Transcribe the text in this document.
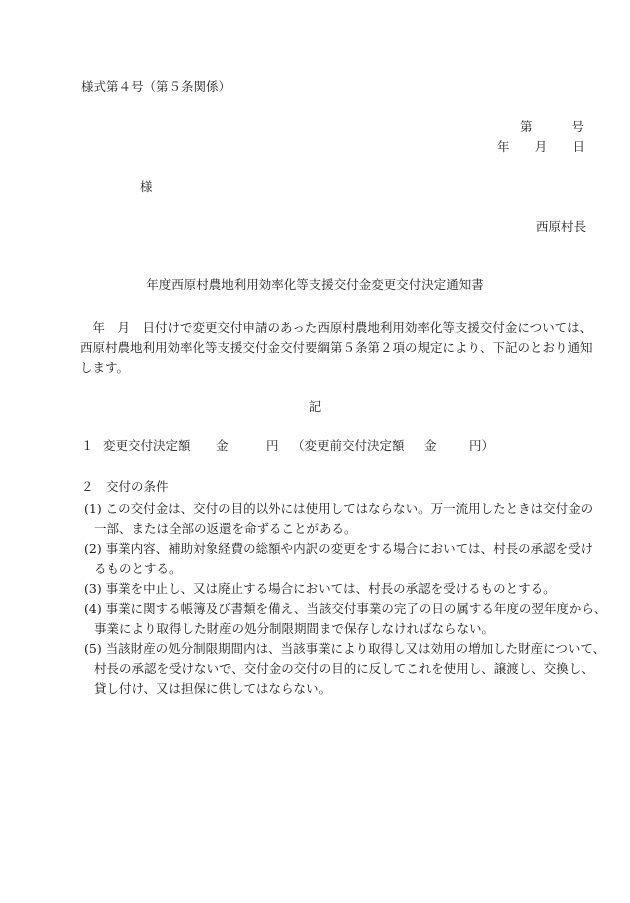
様式第４号（第５条関係）
第	号
年 月 日
様
西原村長
年度西原村農地利用効率化等支援交付金変更交付決定通知書
　年　月　日付けで変更交付申請のあった西原村農地利用効率化等支援交付金については、
西原村農地利用効率化等支援交付金交付要綱第５条第２項の規定により、下記のとおり通知
します。
記
１ 変更交付決定額	金	円	（変更前交付決定額	金	円）
２　交付の条件
(1) この交付金は、交付の目的以外には使用してはならない。万一流用したときは交付金の
一部、または全部の返還を命ずることがある。
(2) 事業内容、補助対象経費の総額や内訳の変更をする場合においては、村長の承認を受け
るものとする。
(3) 事業を中止し、又は廃止する場合においては、村長の承認を受けるものとする。
(4) 事業に関する帳簿及び書類を備え、当該交付事業の完了の日の属する年度の翌年度から、
事業により取得した財産の処分制限期間まで保存しなければならない。
(5) 当該財産の処分制限期間内は、当該事業により取得し又は効用の増加した財産について、
村長の承認を受けないで、交付金の交付の目的に反してこれを使用し、譲渡し、交換し、
貸し付け、又は担保に供してはならない。
